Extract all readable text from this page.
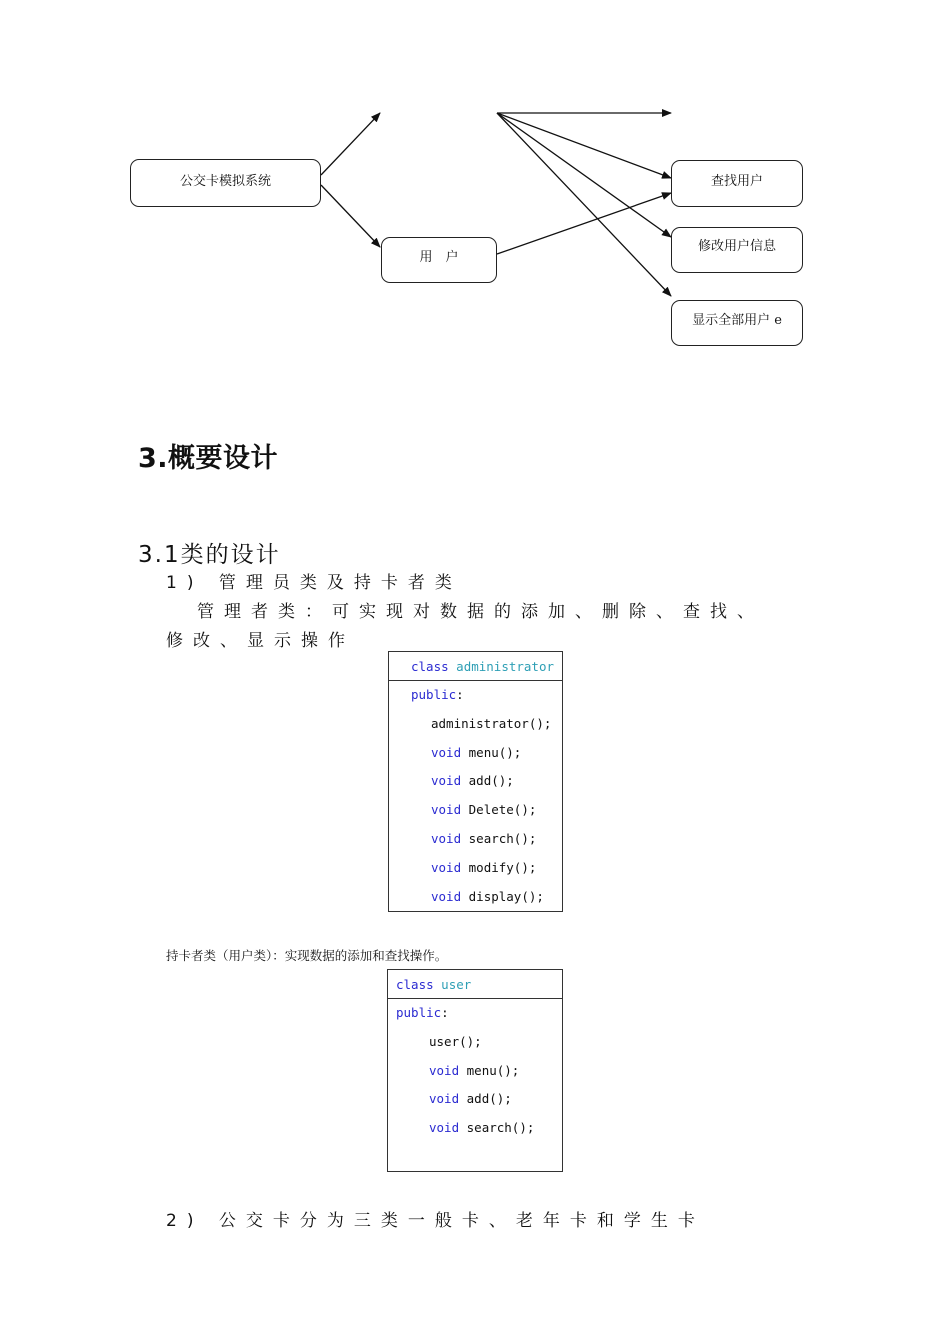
公交卡模拟系统
用　户
查找用户
修改用户信息
显示全部用户 e
3.概要设计
3.1类的设计
1) 管理员类及持卡者类
管理者类：可实现对数据的添加、删除、查找、
修改、显示操作
class administrator
public:
administrator();
void menu();
void add();
void Delete();
void search();
void modify();
void display();
持卡者类（用户类）：实现数据的添加和查找操作。
class user
public:
user();
void menu();
void add();
void search();
2) 公交卡分为三类一般卡、老年卡和学生卡
